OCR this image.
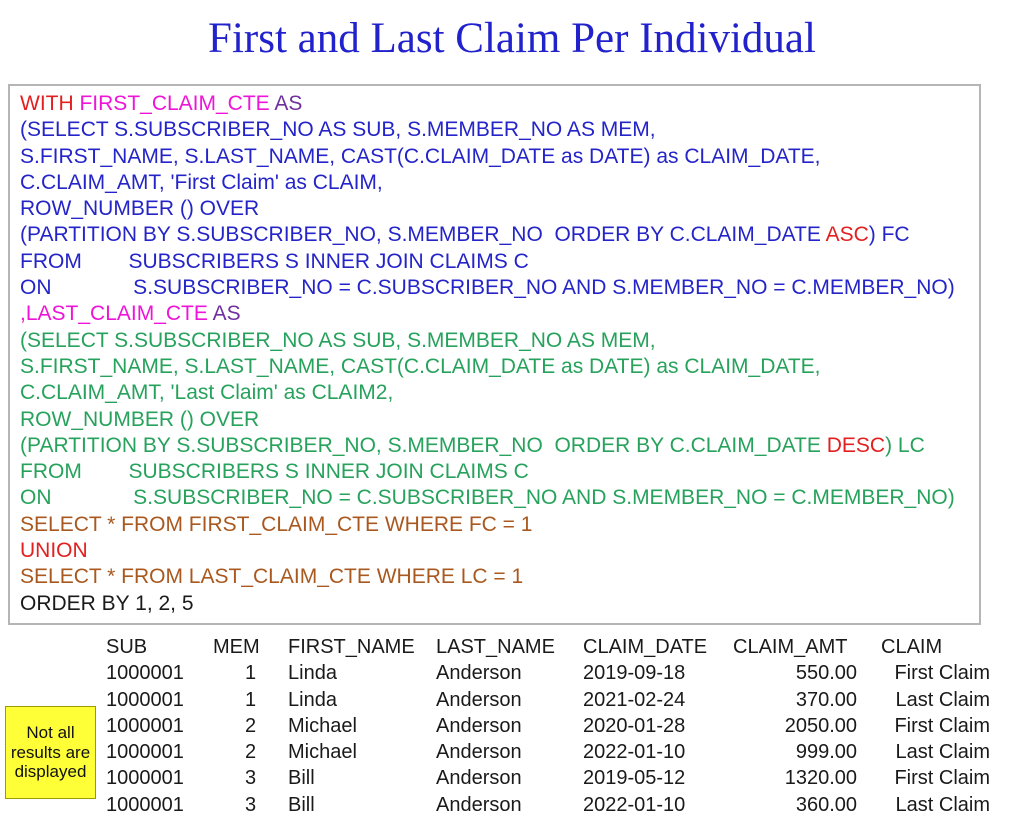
First and Last Claim Per Individual
WITH FIRST_CLAIM_CTE AS
(SELECT S.SUBSCRIBER_NO AS SUB, S.MEMBER_NO AS MEM,
S.FIRST_NAME, S.LAST_NAME, CAST(C.CLAIM_DATE as DATE) as CLAIM_DATE,
C.CLAIM_AMT, 'First Claim' as CLAIM,
ROW_NUMBER () OVER
(PARTITION BY S.SUBSCRIBER_NO, S.MEMBER_NO  ORDER BY C.CLAIM_DATE ASC) FC
FROM        SUBSCRIBERS S INNER JOIN CLAIMS C
ON              S.SUBSCRIBER_NO = C.SUBSCRIBER_NO AND S.MEMBER_NO = C.MEMBER_NO)
,LAST_CLAIM_CTE AS
(SELECT S.SUBSCRIBER_NO AS SUB, S.MEMBER_NO AS MEM,
S.FIRST_NAME, S.LAST_NAME, CAST(C.CLAIM_DATE as DATE) as CLAIM_DATE,
C.CLAIM_AMT, 'Last Claim' as CLAIM2,
ROW_NUMBER () OVER
(PARTITION BY S.SUBSCRIBER_NO, S.MEMBER_NO  ORDER BY C.CLAIM_DATE DESC) LC
FROM        SUBSCRIBERS S INNER JOIN CLAIMS C
ON              S.SUBSCRIBER_NO = C.SUBSCRIBER_NO AND S.MEMBER_NO = C.MEMBER_NO)
SELECT * FROM FIRST_CLAIM_CTE WHERE FC = 1
UNION
SELECT * FROM LAST_CLAIM_CTE WHERE LC = 1
ORDER BY 1, 2, 5
SUB	MEM	FIRST_NAME	LAST_NAME	CLAIM_DATE	CLAIM_AMT	CLAIM
1000001	1	Linda	Anderson	2019-09-18	550.00	First Claim
1000001	1	Linda	Anderson	2021-02-24	370.00	Last Claim
1000001	2	Michael	Anderson	2020-01-28	2050.00	First Claim
1000001	2	Michael	Anderson	2022-01-10	999.00	Last Claim
1000001	3	Bill	Anderson	2019-05-12	1320.00	First Claim
1000001	3	Bill	Anderson	2022-01-10	360.00	Last Claim
Not all results are displayed
